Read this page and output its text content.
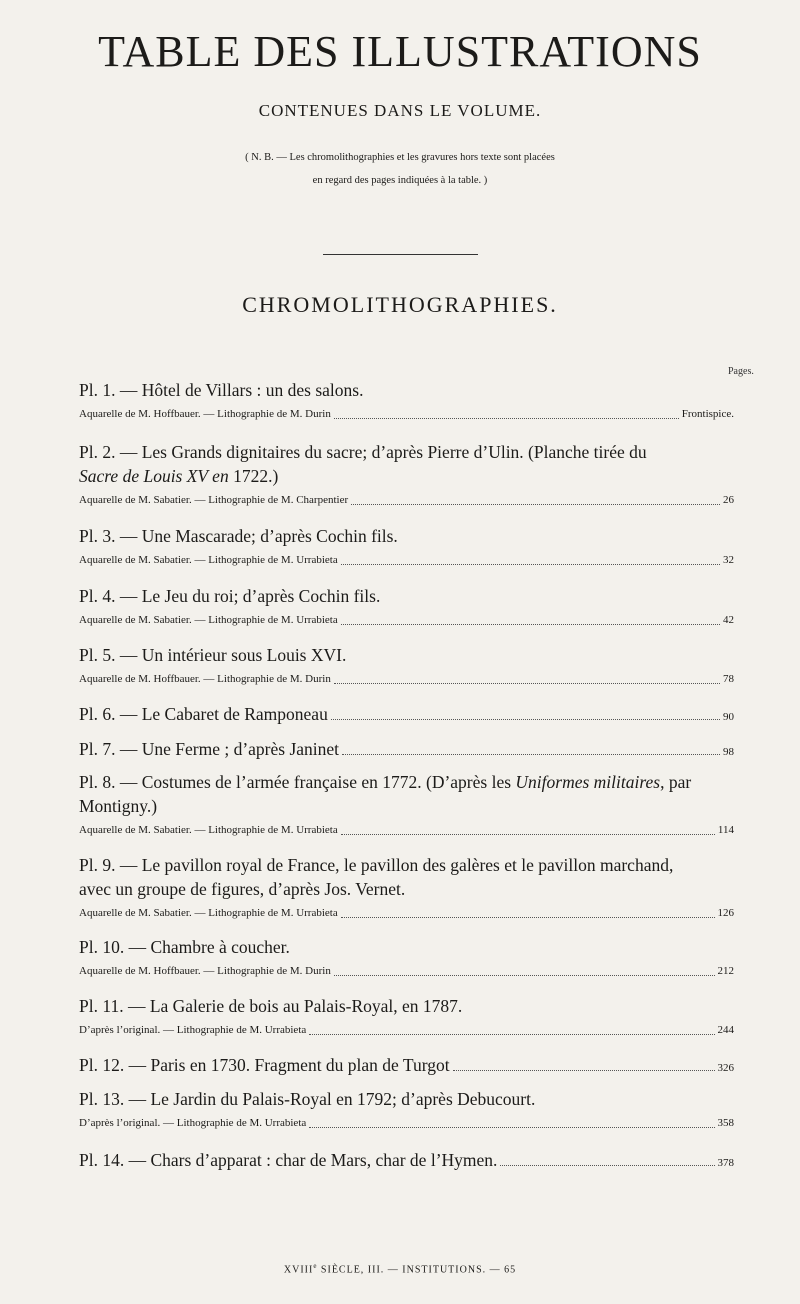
TABLE DES ILLUSTRATIONS
CONTENUES DANS LE VOLUME.
( N. B. — Les chromolithographies et les gravures hors texte sont placées
en regard des pages indiquées à la table. )
CHROMOLITHOGRAPHIES.
Pages.
Pl. 1. — Hôtel de Villars : un des salons.
Aquarelle de M. Hoffbauer. — Lithographie de M. Durin	Frontispice.
Pl. 2. — Les Grands dignitaires du sacre; d’après Pierre d’Ulin. (Planche tirée du
Sacre de Louis XV en 1722.)
Aquarelle de M. Sabatier. — Lithographie de M. Charpentier	26
Pl. 3. — Une Mascarade; d’après Cochin fils.
Aquarelle de M. Sabatier. — Lithographie de M. Urrabieta	32
Pl. 4. — Le Jeu du roi; d’après Cochin fils.
Aquarelle de M. Sabatier. — Lithographie de M. Urrabieta	42
Pl. 5. — Un intérieur sous Louis XVI.
Aquarelle de M. Hoffbauer. — Lithographie de M. Durin	78
Pl. 6. — Le Cabaret de Ramponeau	90
Pl. 7. — Une Ferme ; d’après Janinet	98
Pl. 8. — Costumes de l’armée française en 1772. (D’après les Uniformes militaires, par
Montigny.)
Aquarelle de M. Sabatier. — Lithographie de M. Urrabieta	114
Pl. 9. — Le pavillon royal de France, le pavillon des galères et le pavillon marchand,
avec un groupe de figures, d’après Jos. Vernet.
Aquarelle de M. Sabatier. — Lithographie de M. Urrabieta	126
Pl. 10. — Chambre à coucher.
Aquarelle de M. Hoffbauer. — Lithographie de M. Durin	212
Pl. 11. — La Galerie de bois au Palais-Royal, en 1787.
D’après l’original. — Lithographie de M. Urrabieta	244
Pl. 12. — Paris en 1730. Fragment du plan de Turgot	326
Pl. 13. — Le Jardin du Palais-Royal en 1792; d’après Debucourt.
D’après l’original. — Lithographie de M. Urrabieta	358
Pl. 14. — Chars d’apparat : char de Mars, char de l’Hymen.	378
XVIIIe SIÈCLE, III. — INSTITUTIONS. — 65
